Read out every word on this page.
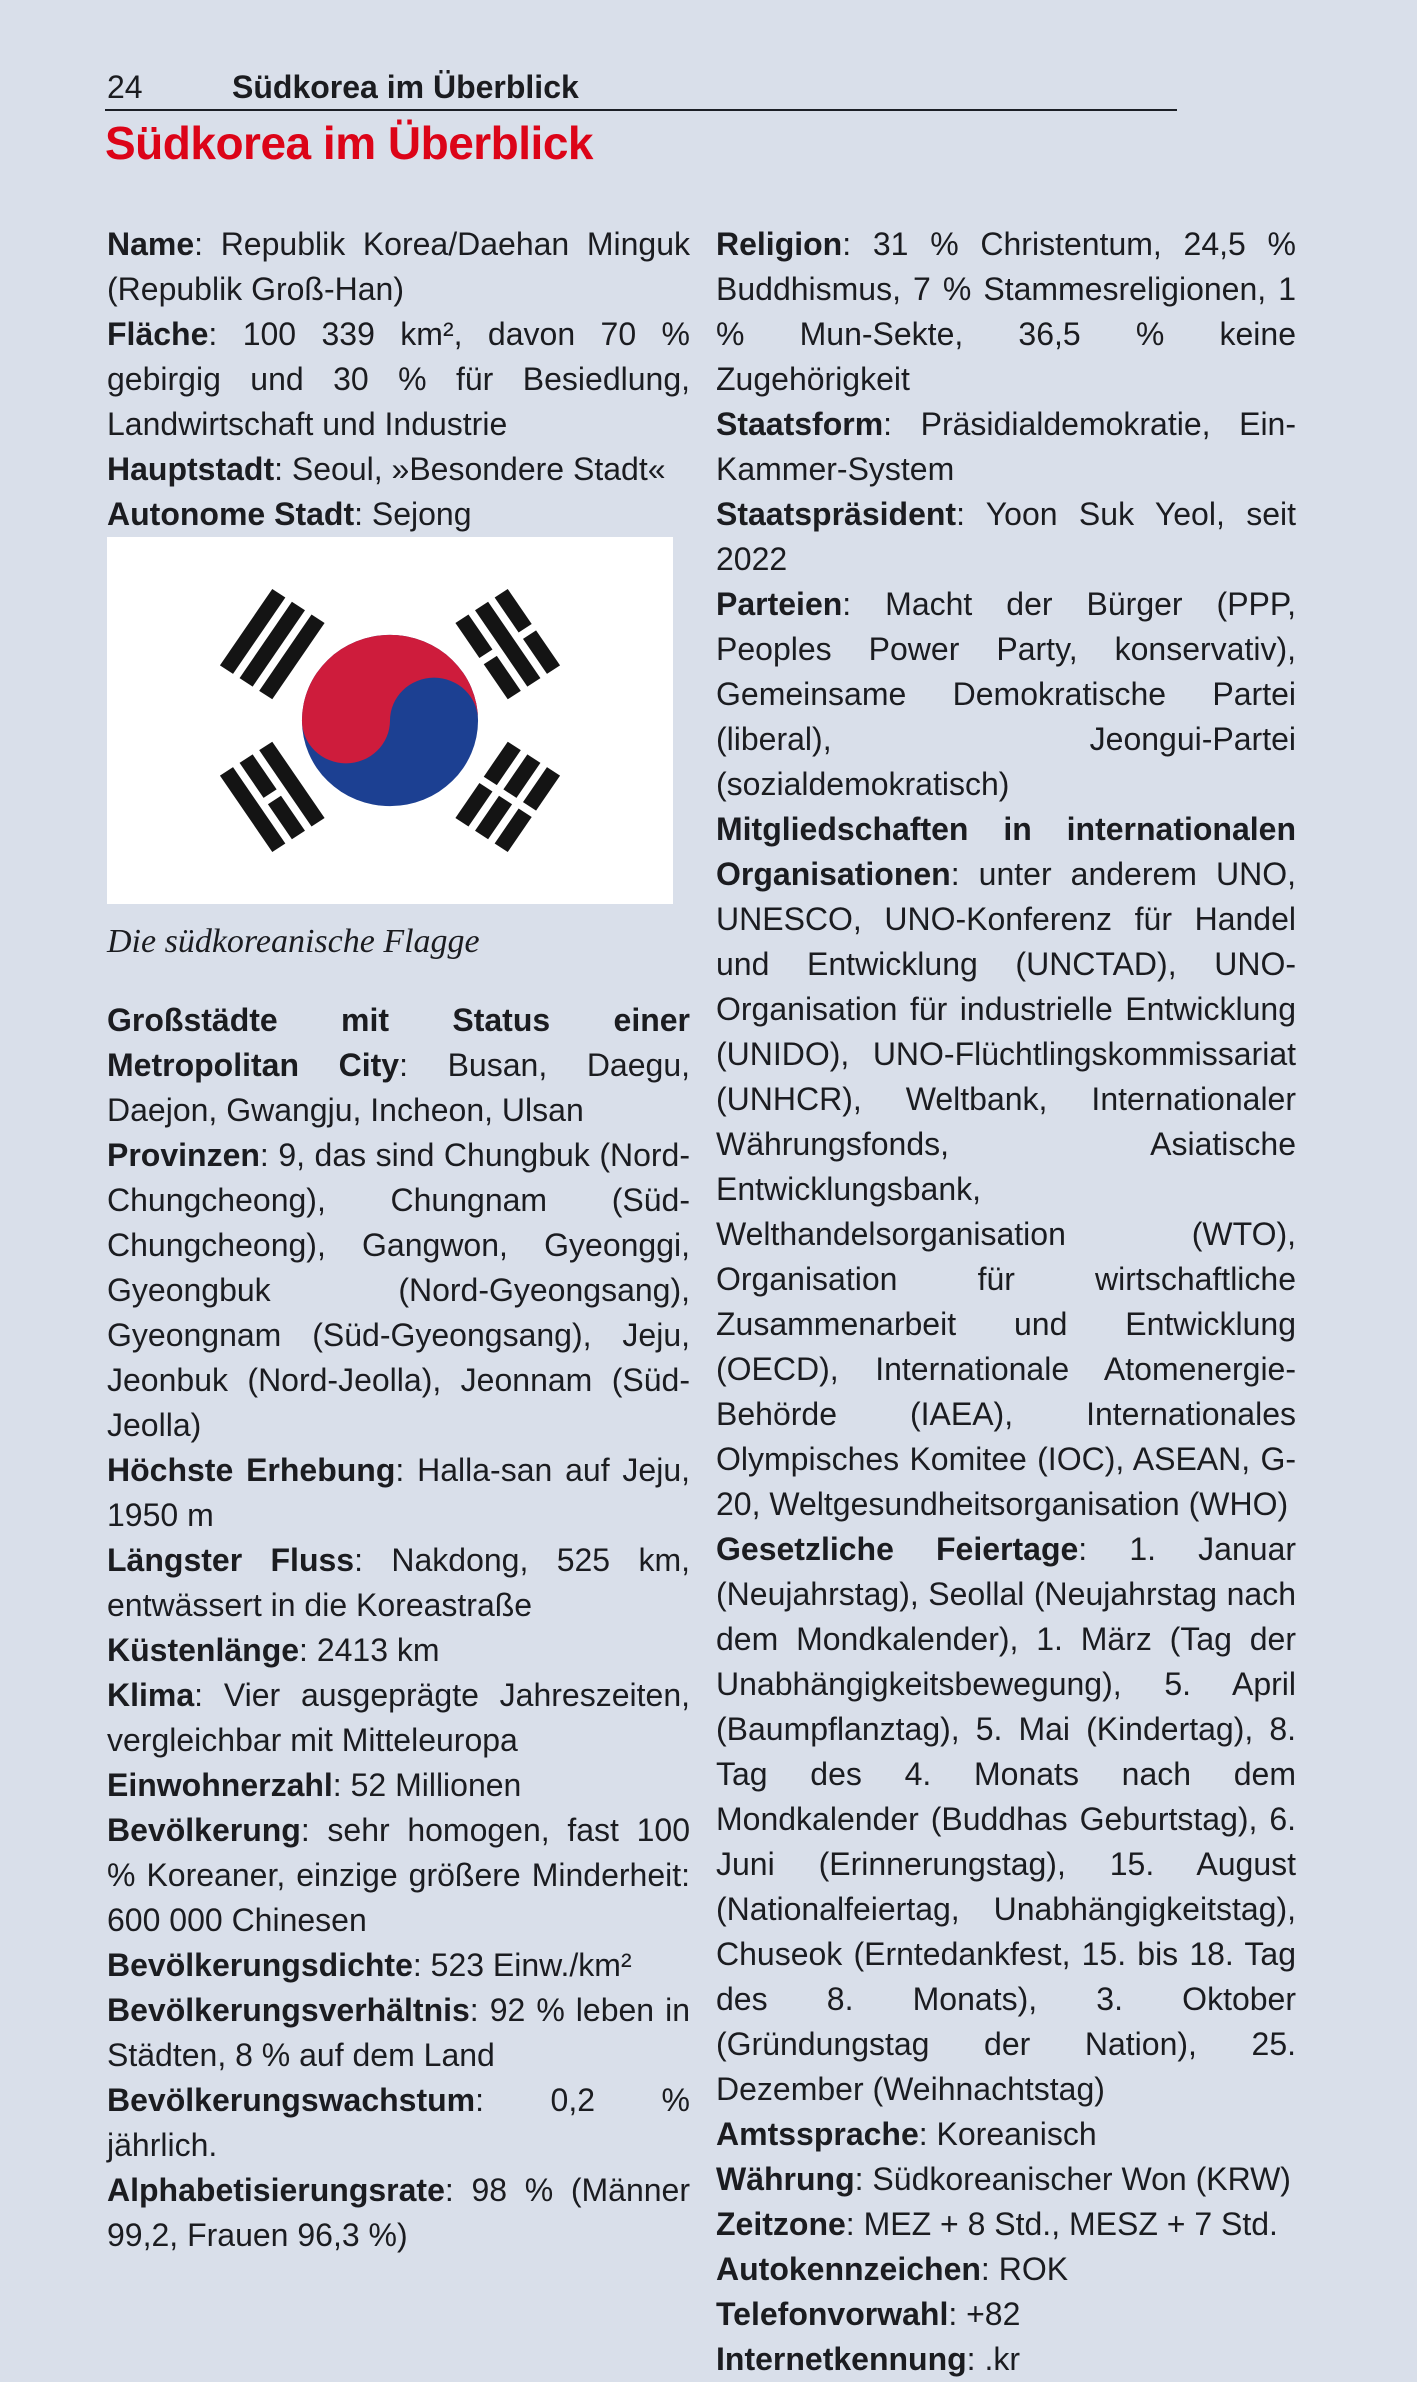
24	Südkorea im Überblick
Südkorea im Überblick

Name: Republik Korea/Daehan Minguk (Republik Groß-Han)

Fläche: 100 339 km², davon 70 % gebirgig und 30 % für Besiedlung, Landwirtschaft und Industrie

Hauptstadt: Seoul, »Besondere Stadt«

Autonome Stadt: Sejong

Die südkoreanische Flagge

Großstädte mit Status einer Metropolitan City: Busan, Daegu, Daejon, Gwangju, Incheon, Ulsan

Provinzen: 9, das sind Chungbuk (Nord-Chungcheong), Chungnam (Süd-Chungcheong), Gangwon, Gyeonggi, Gyeongbuk (Nord-Gyeongsang), Gyeongnam (Süd-Gyeongsang), Jeju, Jeonbuk (Nord-Jeolla), Jeonnam (Süd-Jeolla)

Höchste Erhebung: Halla-san auf Jeju, 1950 m

Längster Fluss: Nakdong, 525 km, entwässert in die Koreastraße

Küstenlänge: 2413 km

Klima: Vier ausgeprägte Jahreszeiten, vergleichbar mit Mitteleuropa

Einwohnerzahl: 52 Millionen

Bevölkerung: sehr homogen, fast 100 % Koreaner, einzige größere Minderheit: 600 000 Chinesen

Bevölkerungsdichte: 523 Einw./km²

Bevölkerungsverhältnis: 92 % leben in Städten, 8 % auf dem Land

Bevölkerungswachstum: 0,2 % jährlich.

Alphabetisierungsrate: 98 % (Männer 99,2, Frauen 96,3 %)

Religion: 31 % Christentum, 24,5 % Buddhismus, 7 % Stammesreligionen, 1 % Mun-Sekte, 36,5 % keine Zugehörigkeit

Staatsform: Präsidialdemokratie, Ein-Kammer-System

Staatspräsident: Yoon Suk Yeol, seit 2022

Parteien: Macht der Bürger (PPP, Peoples Power Party, konservativ), Gemeinsame Demokratische Partei (liberal), Jeongui-Partei (sozialdemokratisch)

Mitgliedschaften in internationalen Organisationen: unter anderem UNO, UNESCO, UNO-Konferenz für Handel und Entwicklung (UNCTAD), UNO-Organisation für industrielle Entwicklung (UNIDO), UNO-Flüchtlingskommissariat (UNHCR), Weltbank, Internationaler Währungsfonds, Asiatische Entwicklungsbank, Welthandelsorganisation (WTO), Organisation für wirtschaftliche Zusammenarbeit und Entwicklung (OECD), Internationale Atomenergie-Behörde (IAEA), Internationales Olympisches Komitee (IOC), ASEAN, G-20, Weltgesundheitsorganisation (WHO)

Gesetzliche Feiertage: 1. Januar (Neujahrstag), Seollal (Neujahrstag nach dem Mondkalender), 1. März (Tag der Unabhängigkeitsbewegung), 5. April (Baumpflanztag), 5. Mai (Kindertag), 8. Tag des 4. Monats nach dem Mondkalender (Buddhas Geburtstag), 6. Juni (Erinnerungstag), 15. August (Nationalfeiertag, Unabhängigkeitstag), Chuseok (Erntedankfest, 15. bis 18. Tag des 8. Monats), 3. Oktober (Gründungstag der Nation), 25. Dezember (Weihnachtstag)

Amtssprache: Koreanisch

Währung: Südkoreanischer Won (KRW)

Zeitzone: MEZ + 8 Std., MESZ + 7 Std.

Autokennzeichen: ROK

Telefonvorwahl: +82

Internetkennung: .kr
